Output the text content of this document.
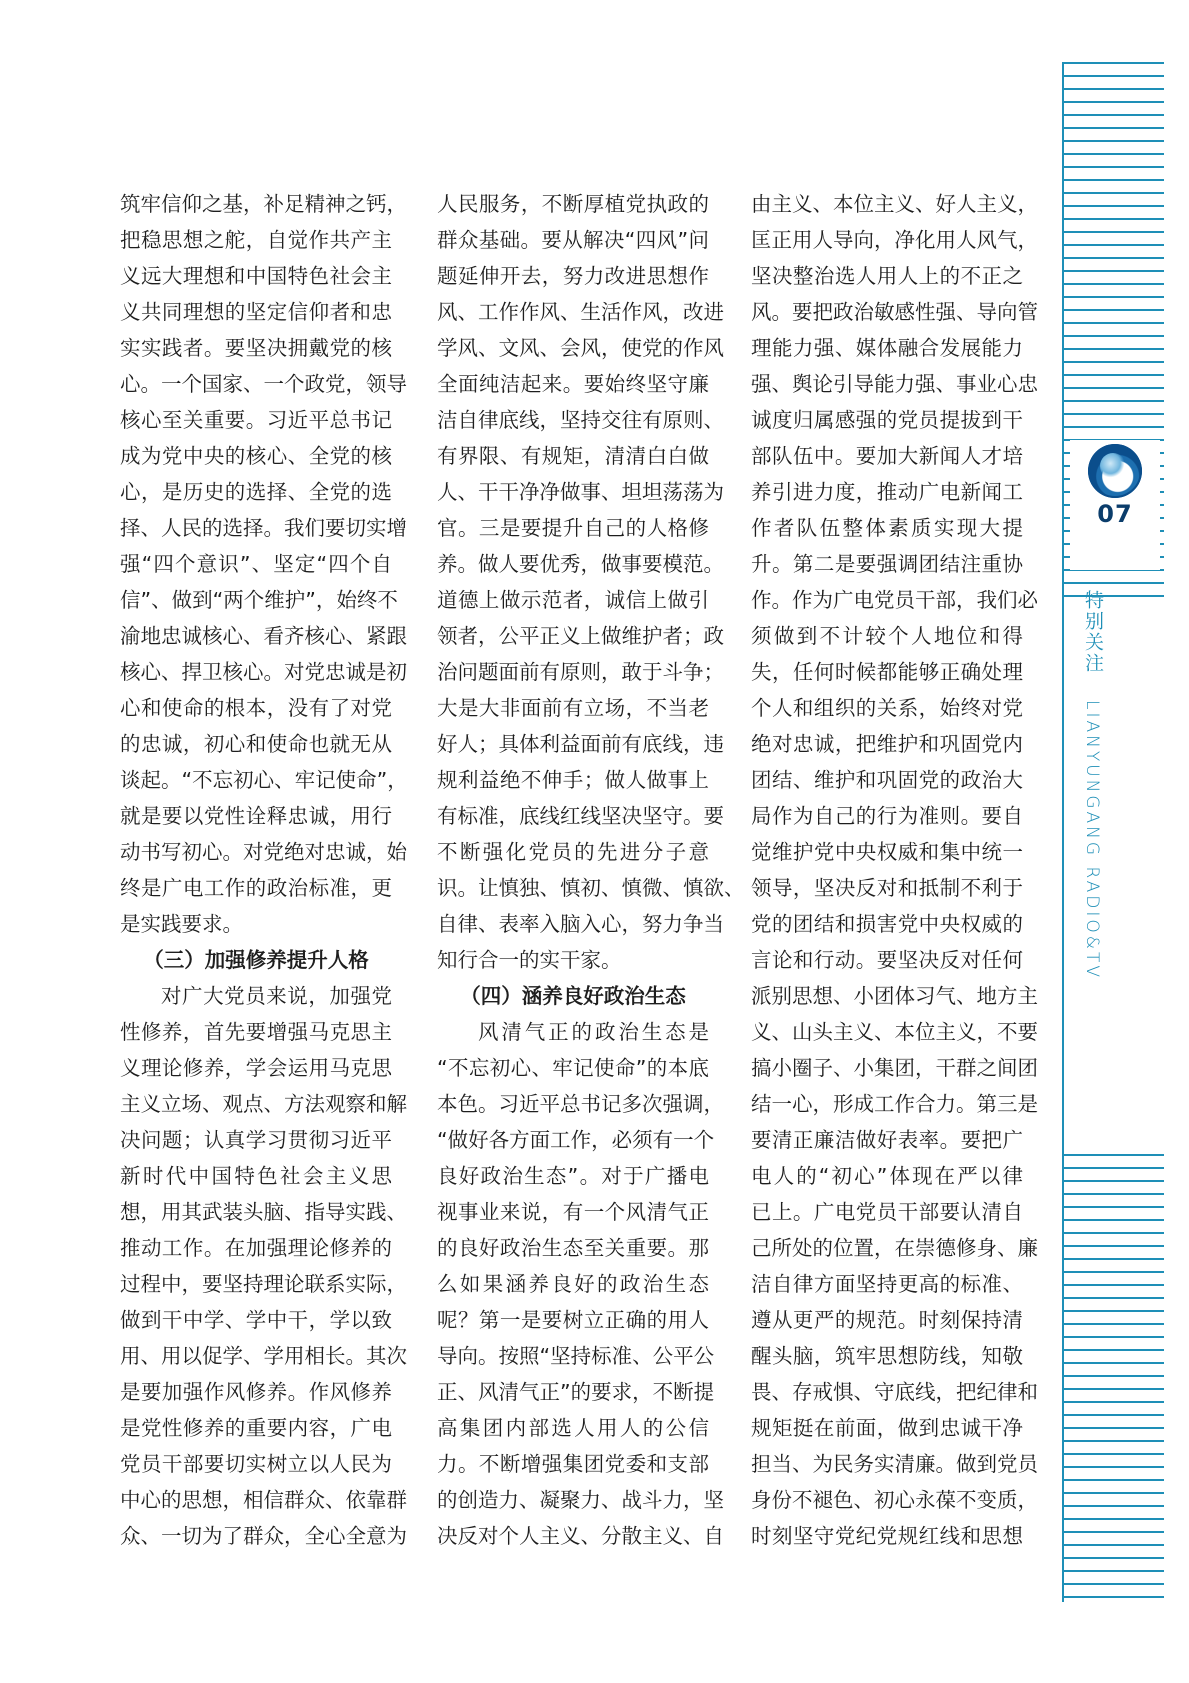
07
特别关注
LIANYUNGANG RADIO&TV
筑牢信仰之基，补足精神之钙，
把稳思想之舵，自觉作共产主
义远大理想和中国特色社会主
义共同理想的坚定信仰者和忠
实实践者。要坚决拥戴党的核
心。一个国家、一个政党，领导
核心至关重要。习近平总书记
成为党中央的核心、全党的核
心，是历史的选择、全党的选
择、人民的选择。我们要切实增
强“四个意识”、坚定“四个自
信”、做到“两个维护”，始终不
渝地忠诚核心、看齐核心、紧跟
核心、捍卫核心。对党忠诚是初
心和使命的根本，没有了对党
的忠诚，初心和使命也就无从
谈起。“不忘初心、牢记使命”，
就是要以党性诠释忠诚，用行
动书写初心。对党绝对忠诚，始
终是广电工作的政治标准，更
是实践要求。
（三）加强修养提升人格
对广大党员来说，加强党
性修养，首先要增强马克思主
义理论修养，学会运用马克思
主义立场、观点、方法观察和解
决问题；认真学习贯彻习近平
新时代中国特色社会主义思
想，用其武装头脑、指导实践、
推动工作。在加强理论修养的
过程中，要坚持理论联系实际，
做到干中学、学中干，学以致
用、用以促学、学用相长。其次
是要加强作风修养。作风修养
是党性修养的重要内容，广电
党员干部要切实树立以人民为
中心的思想，相信群众、依靠群
众、一切为了群众，全心全意为
人民服务，不断厚植党执政的
群众基础。要从解决“四风”问
题延伸开去，努力改进思想作
风、工作作风、生活作风，改进
学风、文风、会风，使党的作风
全面纯洁起来。要始终坚守廉
洁自律底线，坚持交往有原则、
有界限、有规矩，清清白白做
人、干干净净做事、坦坦荡荡为
官。三是要提升自己的人格修
养。做人要优秀，做事要模范。
道德上做示范者，诚信上做引
领者，公平正义上做维护者；政
治问题面前有原则，敢于斗争；
大是大非面前有立场，不当老
好人；具体利益面前有底线，违
规利益绝不伸手；做人做事上
有标准，底线红线坚决坚守。要
不断强化党员的先进分子意
识。让慎独、慎初、慎微、慎欲、
自律、表率入脑入心，努力争当
知行合一的实干家。
（四）涵养良好政治生态
风清气正的政治生态是
“不忘初心、牢记使命”的本底
本色。习近平总书记多次强调，
“做好各方面工作，必须有一个
良好政治生态”。对于广播电
视事业来说，有一个风清气正
的良好政治生态至关重要。那
么如果涵养良好的政治生态
呢？第一是要树立正确的用人
导向。按照“坚持标准、公平公
正、风清气正”的要求，不断提
高集团内部选人用人的公信
力。不断增强集团党委和支部
的创造力、凝聚力、战斗力，坚
决反对个人主义、分散主义、自
由主义、本位主义、好人主义，
匡正用人导向，净化用人风气，
坚决整治选人用人上的不正之
风。要把政治敏感性强、导向管
理能力强、媒体融合发展能力
强、舆论引导能力强、事业心忠
诚度归属感强的党员提拔到干
部队伍中。要加大新闻人才培
养引进力度，推动广电新闻工
作者队伍整体素质实现大提
升。第二是要强调团结注重协
作。作为广电党员干部，我们必
须做到不计较个人地位和得
失，任何时候都能够正确处理
个人和组织的关系，始终对党
绝对忠诚，把维护和巩固党内
团结、维护和巩固党的政治大
局作为自己的行为准则。要自
觉维护党中央权威和集中统一
领导，坚决反对和抵制不利于
党的团结和损害党中央权威的
言论和行动。要坚决反对任何
派别思想、小团体习气、地方主
义、山头主义、本位主义，不要
搞小圈子、小集团，干群之间团
结一心，形成工作合力。第三是
要清正廉洁做好表率。要把广
电人的“初心”体现在严以律
已上。广电党员干部要认清自
己所处的位置，在崇德修身、廉
洁自律方面坚持更高的标准、
遵从更严的规范。时刻保持清
醒头脑，筑牢思想防线，知敬
畏、存戒惧、守底线，把纪律和
规矩挺在前面，做到忠诚干净
担当、为民务实清廉。做到党员
身份不褪色、初心永葆不变质，
时刻坚守党纪党规红线和思想
